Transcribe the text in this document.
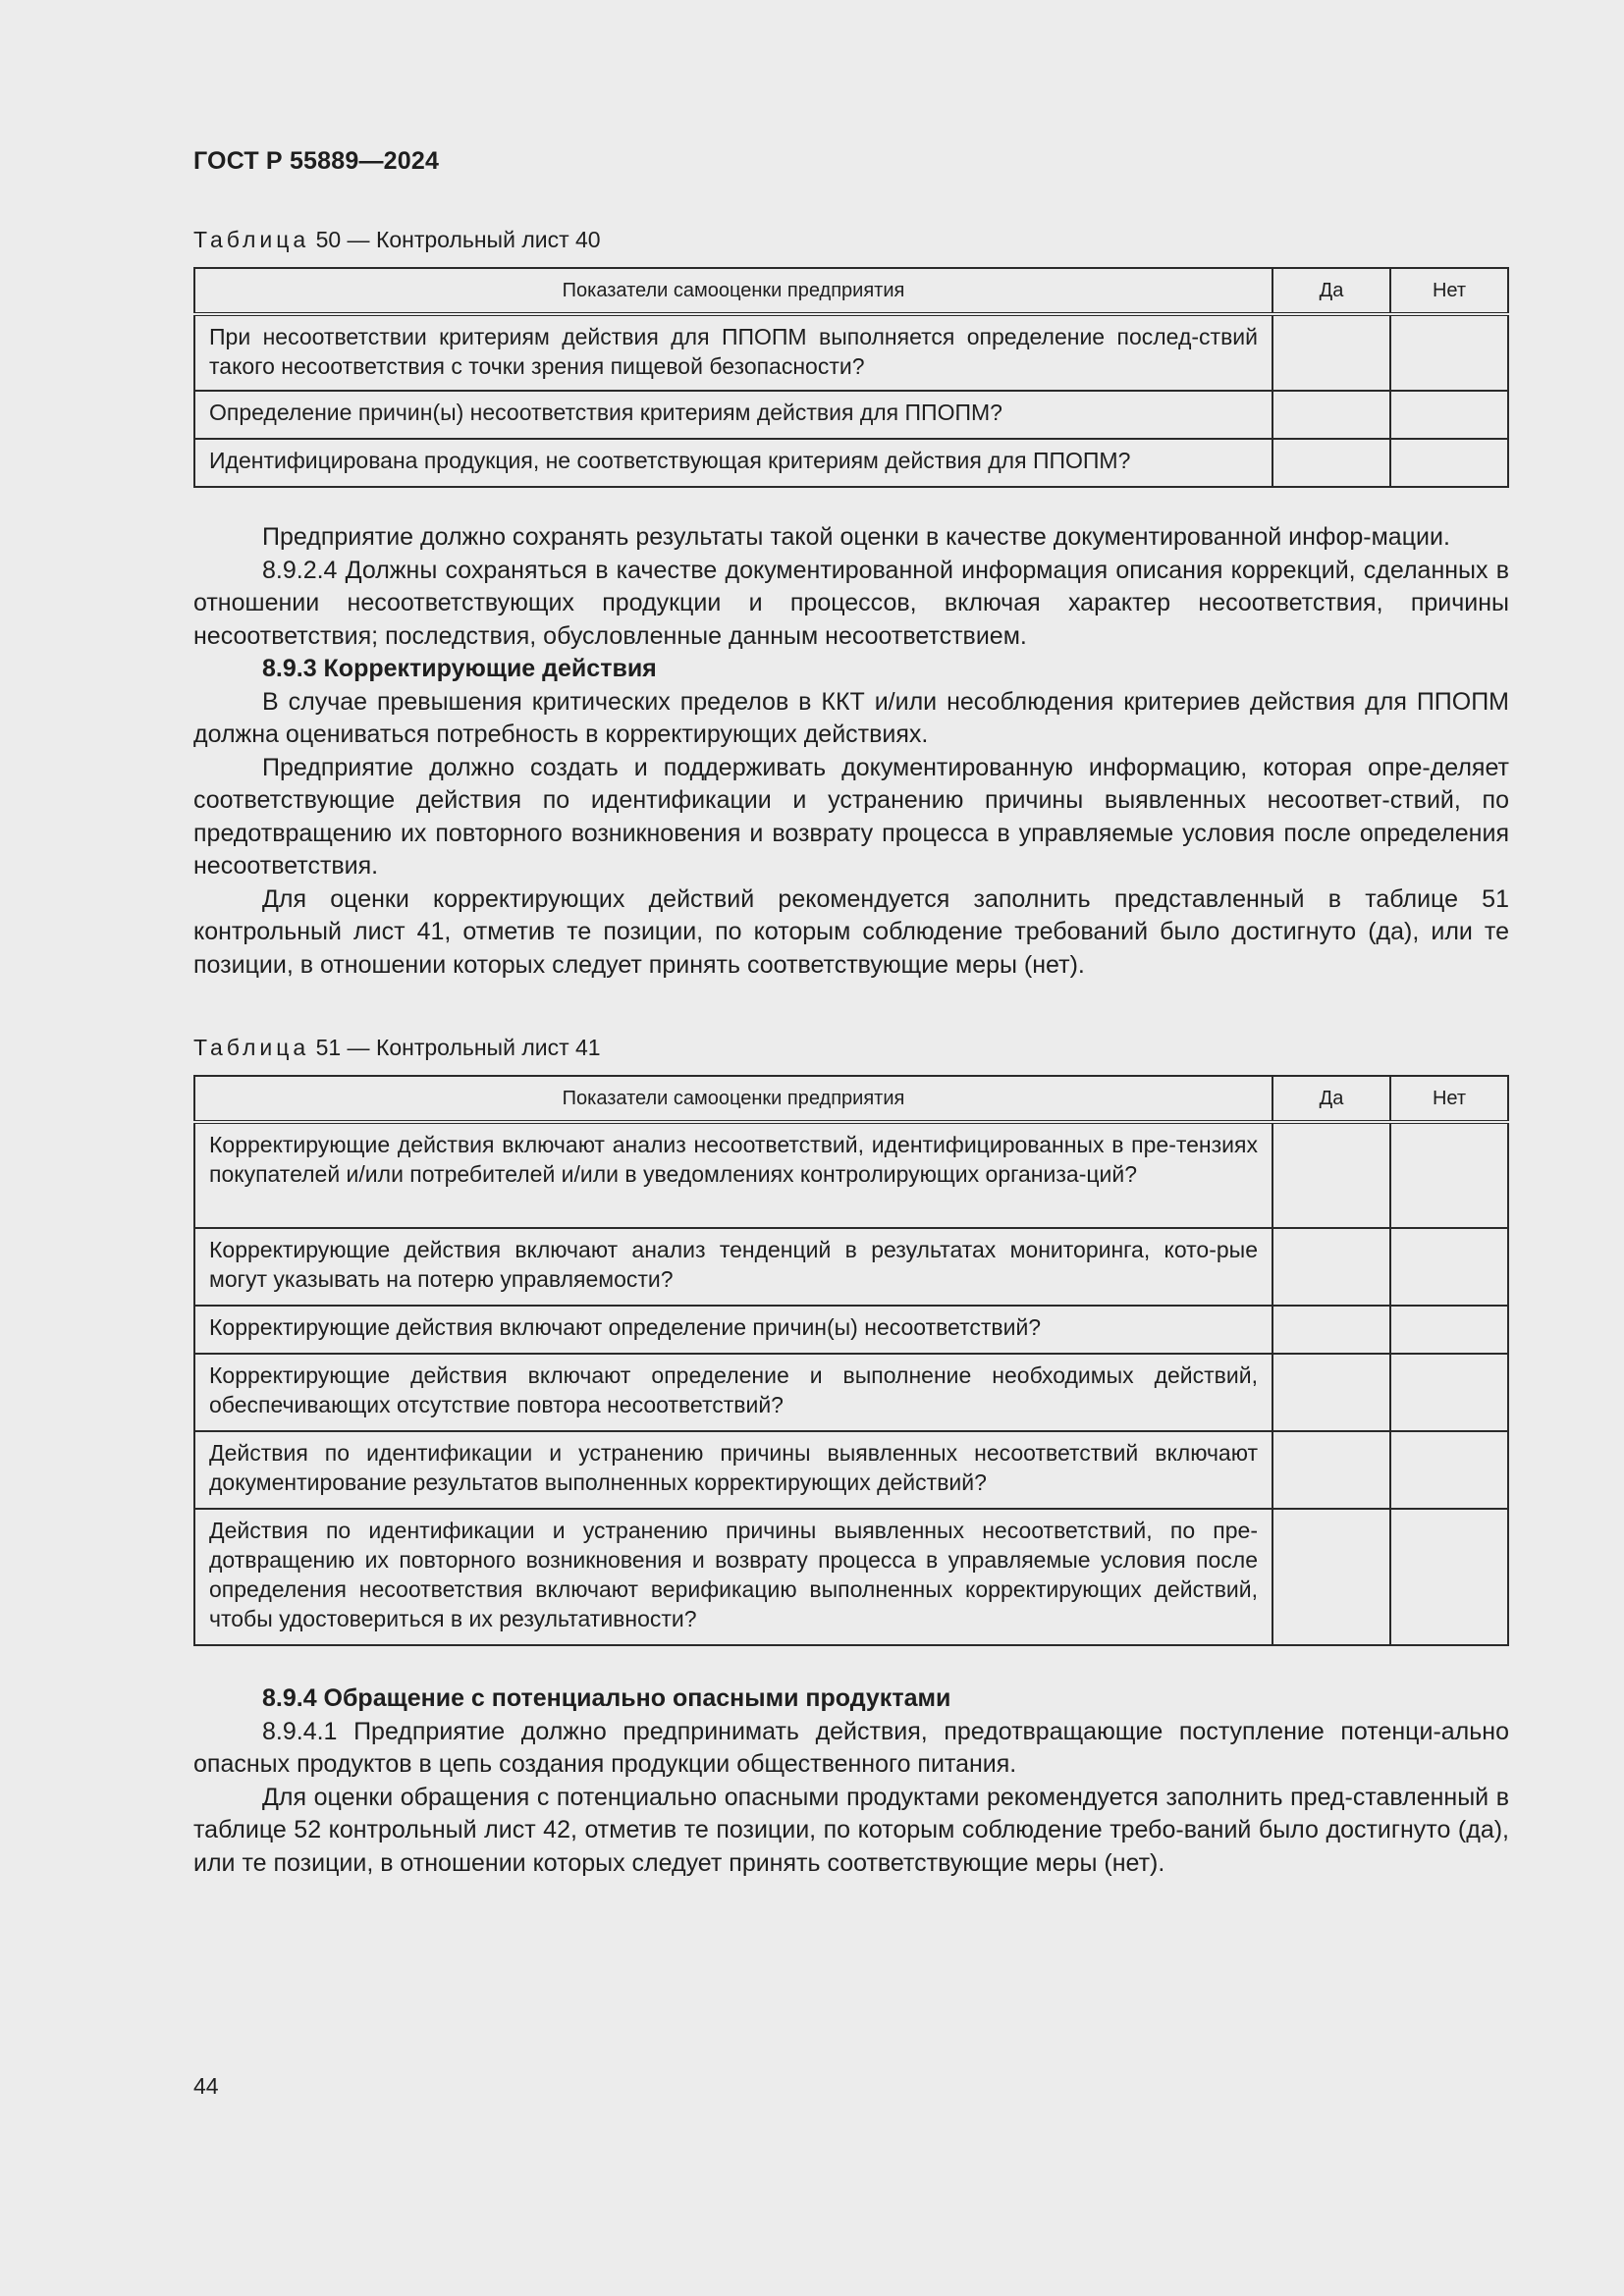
ГОСТ Р 55889—2024
Таблица 50 — Контрольный лист 40
Показатели самооценки предприятия	Да	Нет
При несоответствии критериям действия для ППОПМ выполняется определение послед-ствий такого несоответствия с точки зрения пищевой безопасности?		
Определение причин(ы) несоответствия критериям действия для ППОПМ?		
Идентифицирована продукция, не соответствующая критериям действия для ППОПМ?		

Предприятие должно сохранять результаты такой оценки в качестве документированной инфор-мации.

8.9.2.4 Должны сохраняться в качестве документированной информация описания коррекций, сделанных в отношении несоответствующих продукции и процессов, включая характер несоответствия, причины несоответствия; последствия, обусловленные данным несоответствием.

8.9.3 Корректирующие действия

В случае превышения критических пределов в ККТ и/или несоблюдения критериев действия для ППОПМ должна оцениваться потребность в корректирующих действиях.

Предприятие должно создать и поддерживать документированную информацию, которая опре-деляет соответствующие действия по идентификации и устранению причины выявленных несоответ-ствий, по предотвращению их повторного возникновения и возврату процесса в управляемые условия после определения несоответствия.

Для оценки корректирующих действий рекомендуется заполнить представленный в таблице 51 контрольный лист 41, отметив те позиции, по которым соблюдение требований было достигнуто (да), или те позиции, в отношении которых следует принять соответствующие меры (нет).

Таблица 51 — Контрольный лист 41
Показатели самооценки предприятия	Да	Нет
Корректирующие действия включают анализ несоответствий, идентифицированных в пре-тензиях покупателей и/или потребителей и/или в уведомлениях контролирующих организа-ций?		
Корректирующие действия включают анализ тенденций в результатах мониторинга, кото-рые могут указывать на потерю управляемости?		
Корректирующие действия включают определение причин(ы) несоответствий?		
Корректирующие действия включают определение и выполнение необходимых действий, обеспечивающих отсутствие повтора несоответствий?		
Действия по идентификации и устранению причины выявленных несоответствий включают документирование результатов выполненных корректирующих действий?		
Действия по идентификации и устранению причины выявленных несоответствий, по пре-дотвращению их повторного возникновения и возврату процесса в управляемые условия после определения несоответствия включают верификацию выполненных корректирующих действий, чтобы удостовериться в их результативности?		

8.9.4 Обращение с потенциально опасными продуктами

8.9.4.1 Предприятие должно предпринимать действия, предотвращающие поступление потенци-ально опасных продуктов в цепь создания продукции общественного питания.

Для оценки обращения с потенциально опасными продуктами рекомендуется заполнить пред-ставленный в таблице 52 контрольный лист 42, отметив те позиции, по которым соблюдение требо-ваний было достигнуто (да), или те позиции, в отношении которых следует принять соответствующие меры (нет).

44
